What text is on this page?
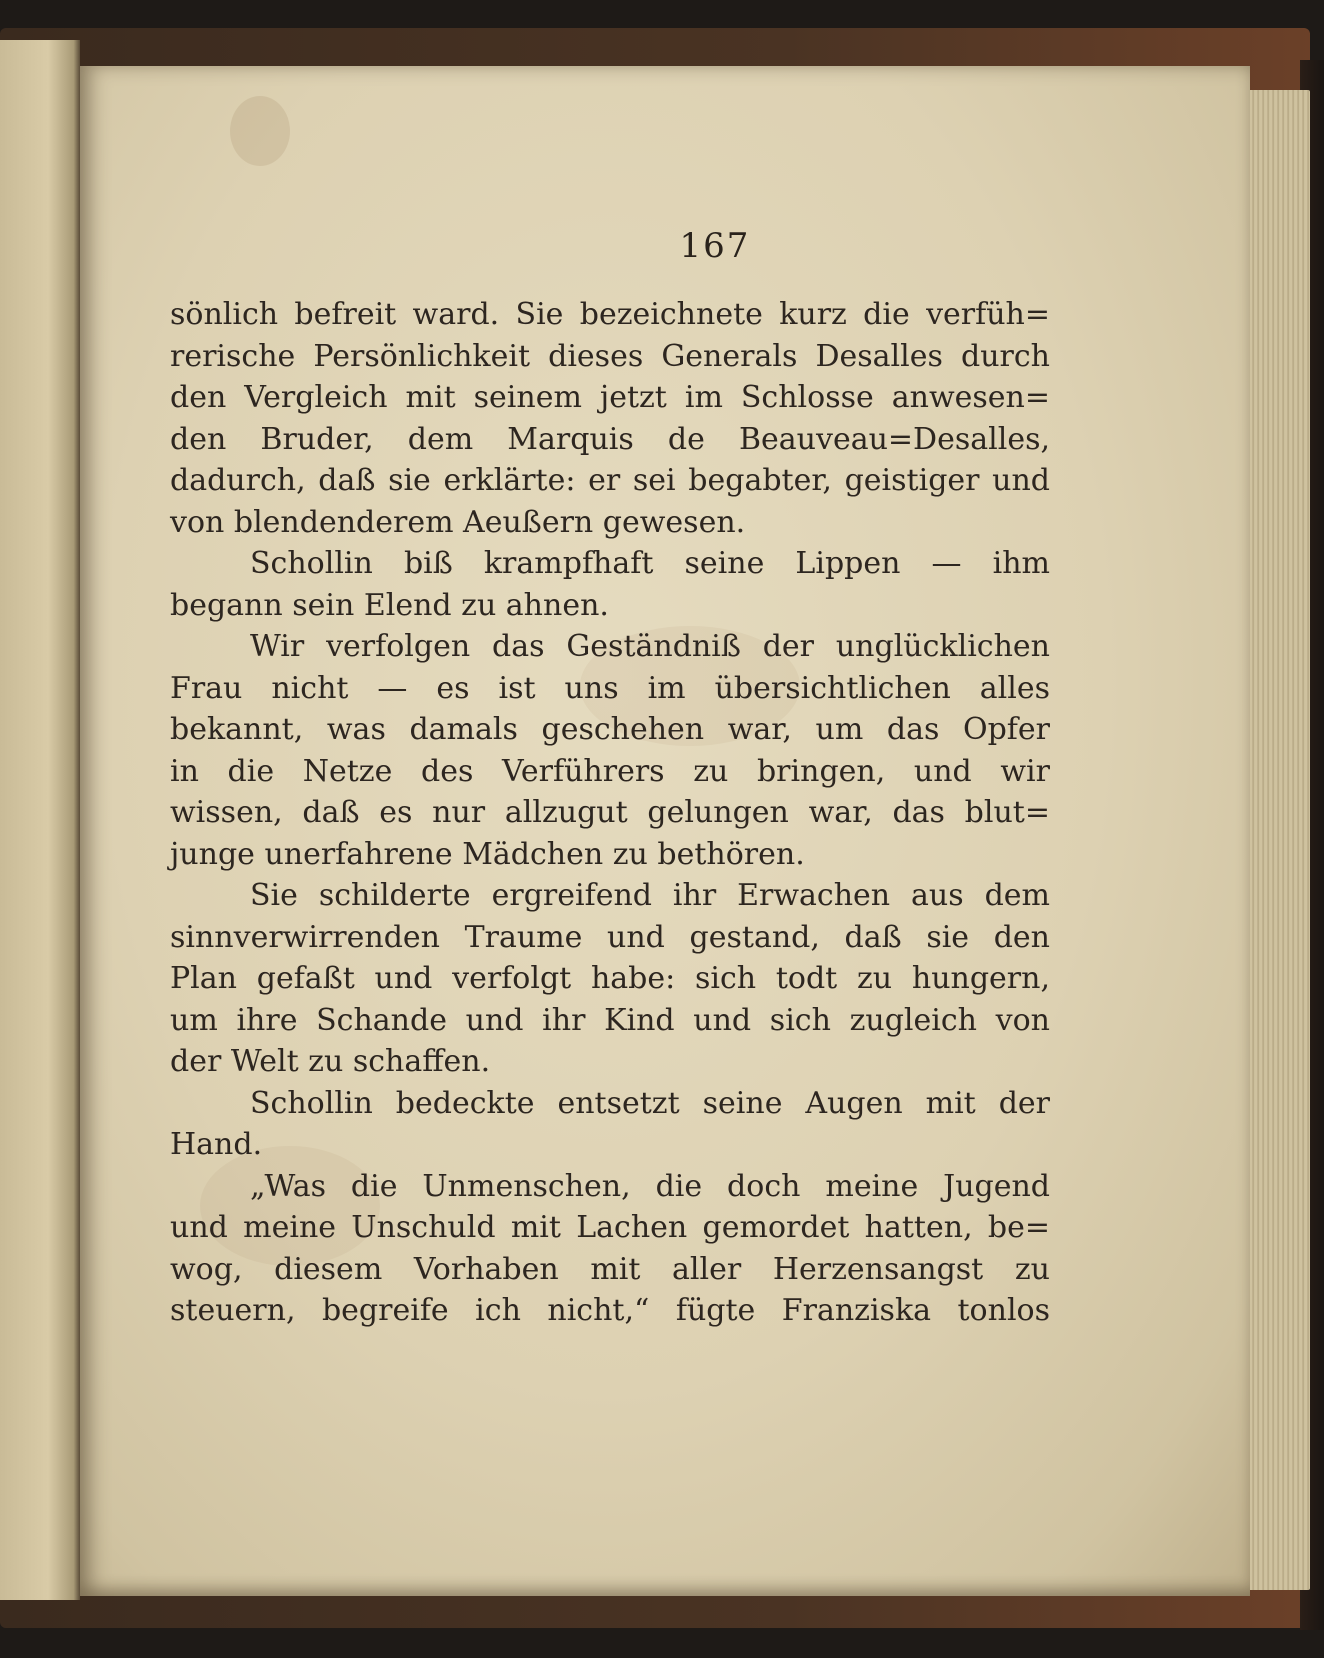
167
sönlich befreit ward. Sie bezeichnete kurz die verfüh=
rerische Persönlichkeit dieses Generals Desalles durch
den Vergleich mit seinem jetzt im Schlosse anwesen=
den Bruder, dem Marquis de Beauveau=Desalles,
dadurch, daß sie erklärte: er sei begabter, geistiger und
von blendenderem Aeußern gewesen.
Schollin biß krampfhaft seine Lippen — ihm
begann sein Elend zu ahnen.
Wir verfolgen das Geständniß der unglücklichen
Frau nicht — es ist uns im übersichtlichen alles
bekannt, was damals geschehen war, um das Opfer
in die Netze des Verführers zu bringen, und wir
wissen, daß es nur allzugut gelungen war, das blut=
junge unerfahrene Mädchen zu bethören.
Sie schilderte ergreifend ihr Erwachen aus dem
sinnverwirrenden Traume und gestand, daß sie den
Plan gefaßt und verfolgt habe: sich todt zu hungern,
um ihre Schande und ihr Kind und sich zugleich von
der Welt zu schaffen.
Schollin bedeckte entsetzt seine Augen mit der
Hand.
„Was die Unmenschen, die doch meine Jugend
und meine Unschuld mit Lachen gemordet hatten, be=
wog, diesem Vorhaben mit aller Herzensangst zu
steuern, begreife ich nicht,“ fügte Franziska tonlos
